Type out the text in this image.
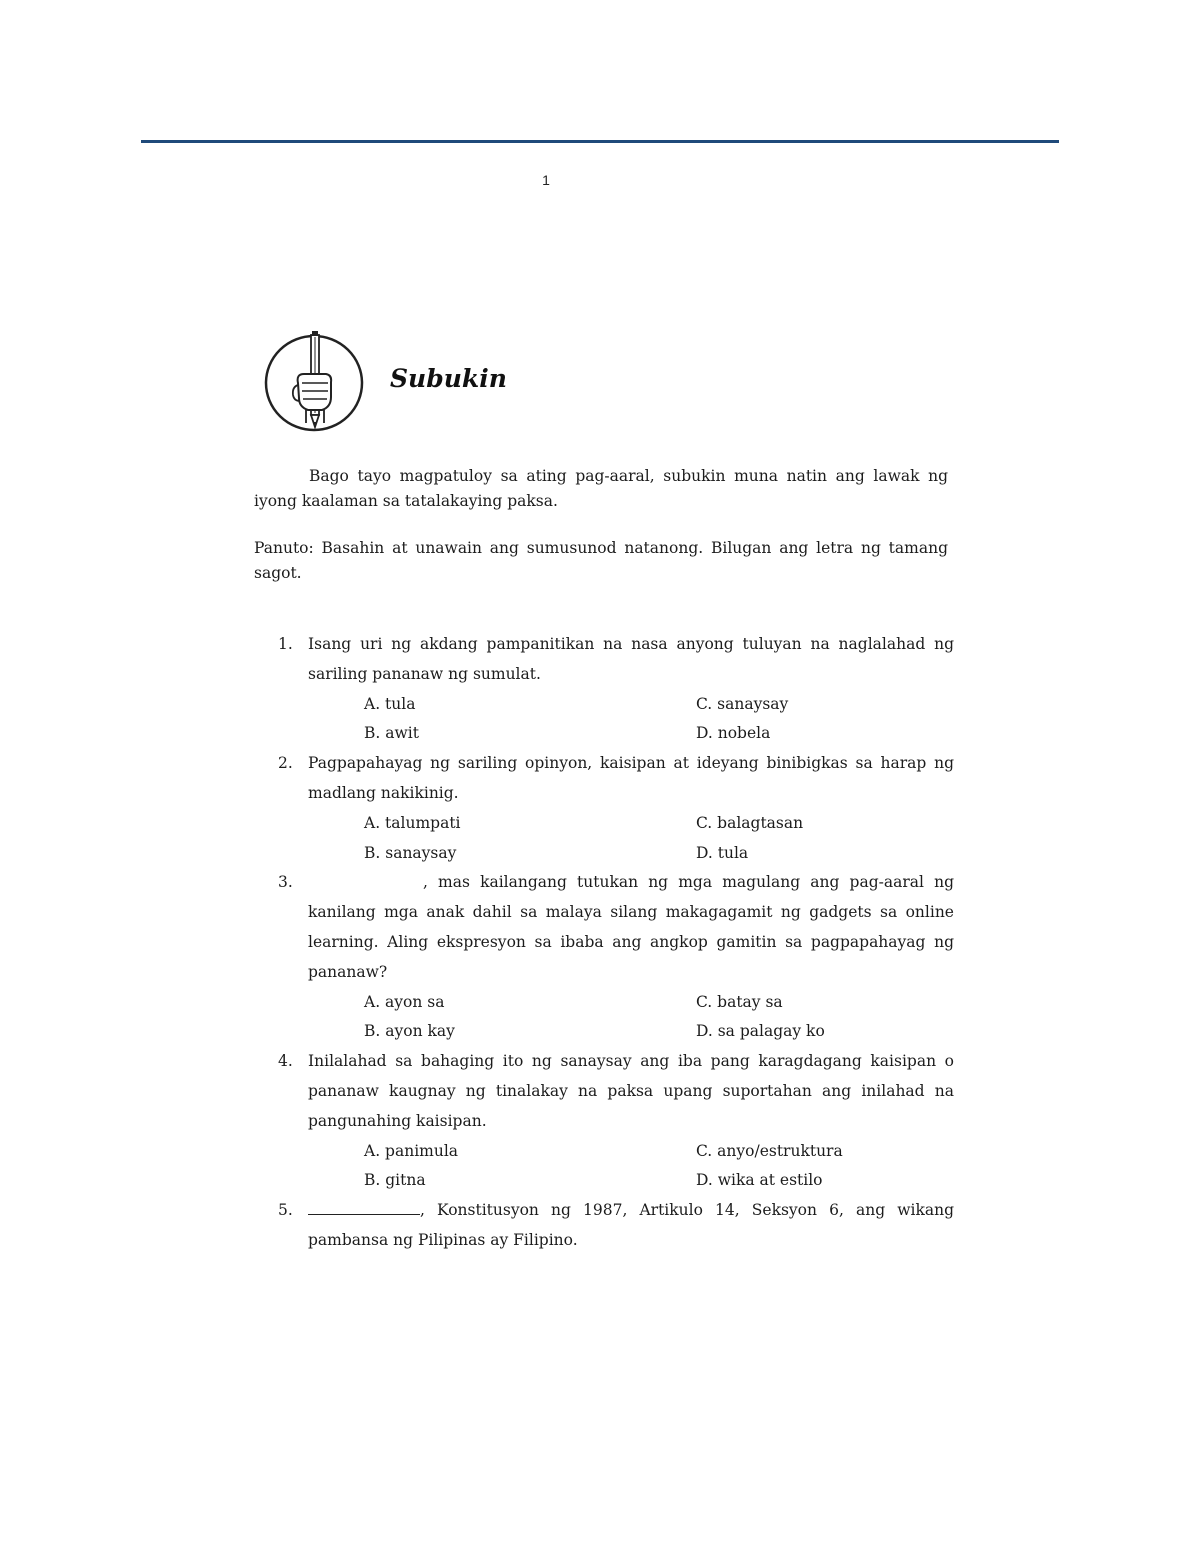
1
Subukin

Bago tayo magpatuloy sa ating pag-aaral, subukin muna natin ang lawak ng iyong kaalaman sa tatalakaying paksa.

Panuto: Basahin at unawain ang sumusunod natanong. Bilugan ang letra ng tamang sagot.

1. Isang uri ng akdang pampanitikan na nasa anyong tuluyan na naglalahad ng sariling pananaw ng sumulat.
A. tula	C. sanaysay
B. awit	D. nobela
2. Pagpapahayag ng sariling opinyon, kaisipan at ideyang binibigkas sa harap ng madlang nakikinig.
A. talumpati	C. balagtasan
B. sanaysay	D. tula
3.	, mas kailangang tutukan ng mga magulang ang pag-aaral ng kanilang mga anak dahil sa malaya silang makagagamit ng gadgets sa online learning. Aling ekspresyon sa ibaba ang angkop gamitin sa pagpapahayag ng pananaw?
A. ayon sa	C. batay sa
B. ayon kay	D. sa palagay ko
4. Inilalahad sa bahaging ito ng sanaysay ang iba pang karagdagang kaisipan o pananaw kaugnay ng tinalakay na paksa upang suportahan ang inilahad na pangunahing kaisipan.
A. panimula	C. anyo/estruktura
B. gitna	D. wika at estilo
5.	, Konstitusyon ng 1987, Artikulo 14, Seksyon 6, ang wikang pambansa ng Pilipinas ay Filipino.
